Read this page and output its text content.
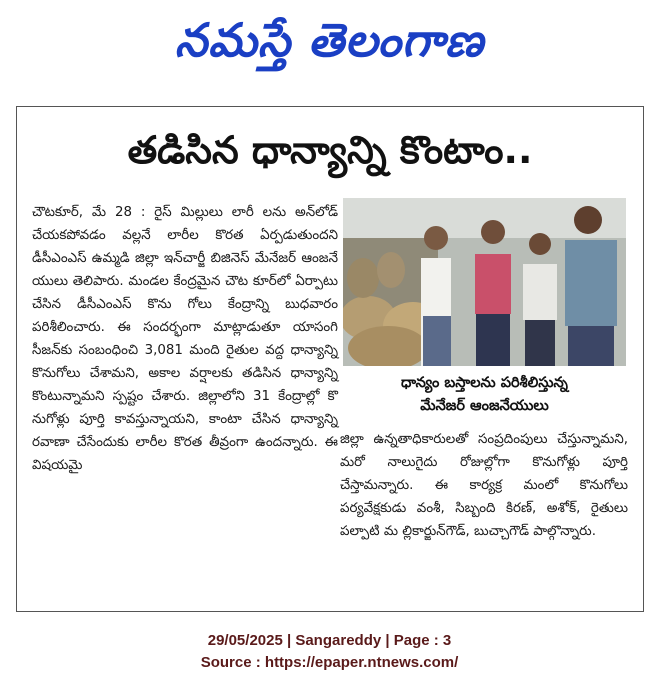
నమస్తే తెలంగాణ
తడిసిన ధాన్యాన్ని కొంటాం..

చౌటకూర్, మే 28 : రైస్ మిల్లులు లారీ లను అన్‌లోడ్ చేయకపోవడం వల్లనే లారీల కొరత ఏర్పడుతుందని డీసీఎంఎస్ ఉమ్మడి జిల్లా ఇన్‌చార్జీ బిజినెస్ మేనేజర్ ఆంజనే యులు తెలిపారు. మండల కేంద్రమైన చౌట కూర్‌లో ఏర్పాటు చేసిన డీసీఎంఎస్ కొను గోలు కేంద్రాన్ని బుధవారం పరిశీలించారు. ఈ సందర్భంగా మాట్లాడుతూ యాసంగి సీజన్‌కు సంబంధించి 3,081 మంది రైతుల వద్ద ధాన్యాన్ని కొనుగోలు చేశామని, అకాల వర్షాలకు తడిసిన ధాన్యాన్ని కొంటున్నామని స్పష్టం చేశారు. జిల్లాలోని 31 కేంద్రాల్లో కొ నుగోళ్లు పూర్తి కావస్తున్నాయని, కాంటా చేసిన ధాన్యాన్ని రవాణా చేసేందుకు లారీల కొరత తీవ్రంగా ఉందన్నారు. ఈ విషయమై

ధాన్యం బస్తాలను పరిశీలిస్తున్న
మేనేజర్ ఆంజనేయులు

జిల్లా ఉన్నతాధికారులతో సంప్రదింపులు చేస్తున్నామని, మరో నాలుగైదు రోజుల్లోగా కొనుగోళ్లు పూర్తి చేస్తామన్నారు. ఈ కార్యక్ర మంలో కొనుగోలు పర్యవేక్షకుడు వంశీ, సిబ్బంది కిరణ్, అశోక్, రైతులు పల్పాటి మ ల్లికార్జున్‌గౌడ్, బుచ్చాగౌడ్ పాల్గొన్నారు.

29/05/2025 | Sangareddy | Page : 3
Source : https://epaper.ntnews.com/
